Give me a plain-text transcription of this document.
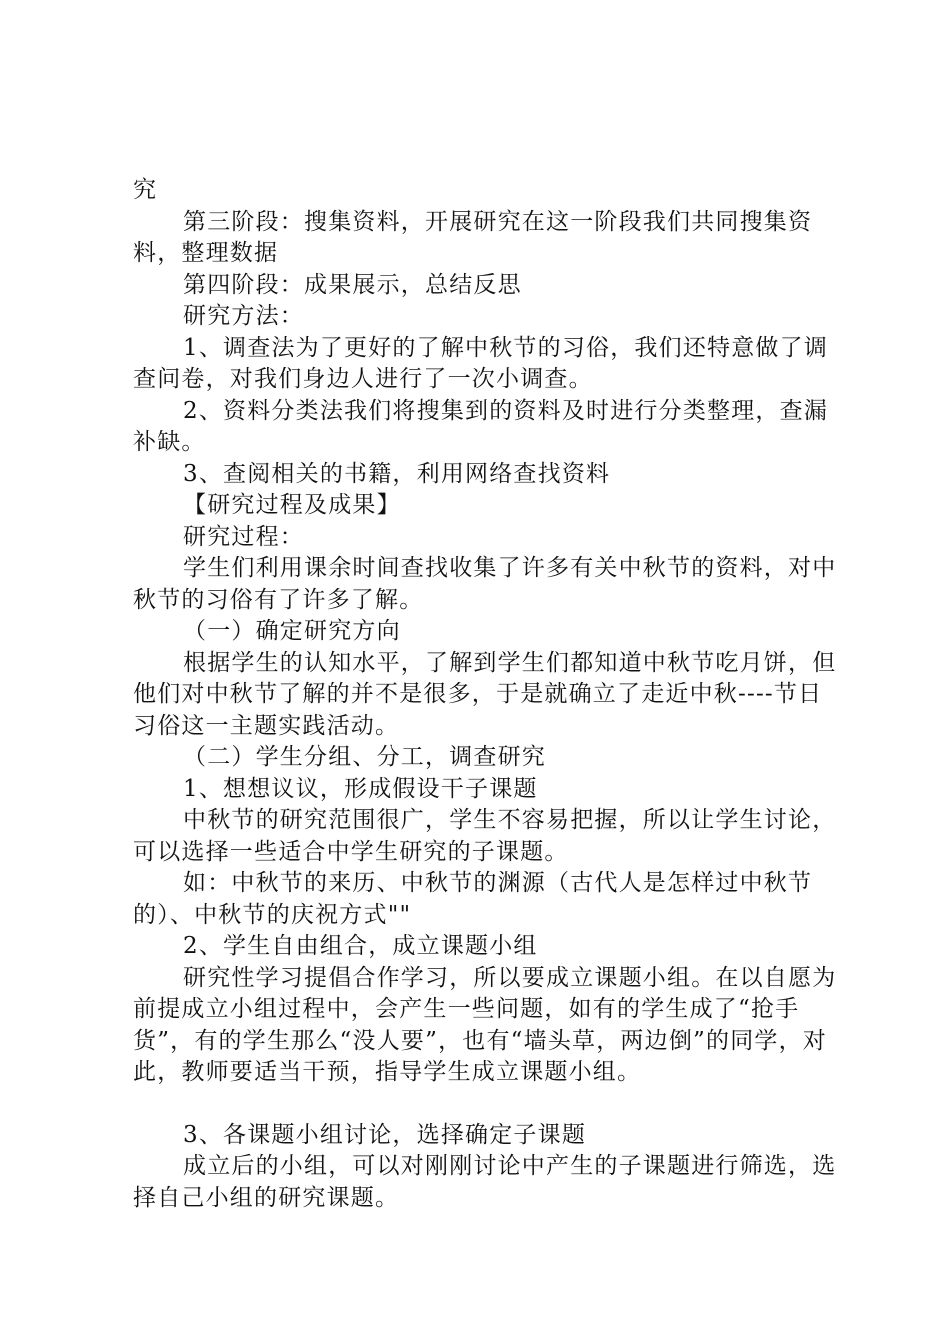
究

第三阶段：搜集资料，开展研究在这一阶段我们共同搜集资料，整理数据

第四阶段：成果展示，总结反思

研究方法：

1、调查法为了更好的了解中秋节的习俗，我们还特意做了调查问卷，对我们身边人进行了一次小调查。

2、资料分类法我们将搜集到的资料及时进行分类整理，查漏补缺。

3、查阅相关的书籍，利用网络查找资料

【研究过程及成果】

研究过程：

学生们利用课余时间查找收集了许多有关中秋节的资料，对中秋节的习俗有了许多了解。

（一）确定研究方向

根据学生的认知水平，了解到学生们都知道中秋节吃月饼，但他们对中秋节了解的并不是很多，于是就确立了走近中秋----节日习俗这一主题实践活动。

（二）学生分组、分工，调查研究

1、想想议议，形成假设干子课题

中秋节的研究范围很广，学生不容易把握，所以让学生讨论，可以选择一些适合中学生研究的子课题。

如：中秋节的来历、中秋节的渊源（古代人是怎样过中秋节的）、中秋节的庆祝方式""

2、学生自由组合，成立课题小组

研究性学习提倡合作学习，所以要成立课题小组。在以自愿为前提成立小组过程中，会产生一些问题，如有的学生成了“抢手货”，有的学生那么“没人要”，也有“墙头草，两边倒”的同学，对此，教师要适当干预，指导学生成立课题小组。

3、各课题小组讨论，选择确定子课题

成立后的小组，可以对刚刚讨论中产生的子课题进行筛选，选择自己小组的研究课题。
